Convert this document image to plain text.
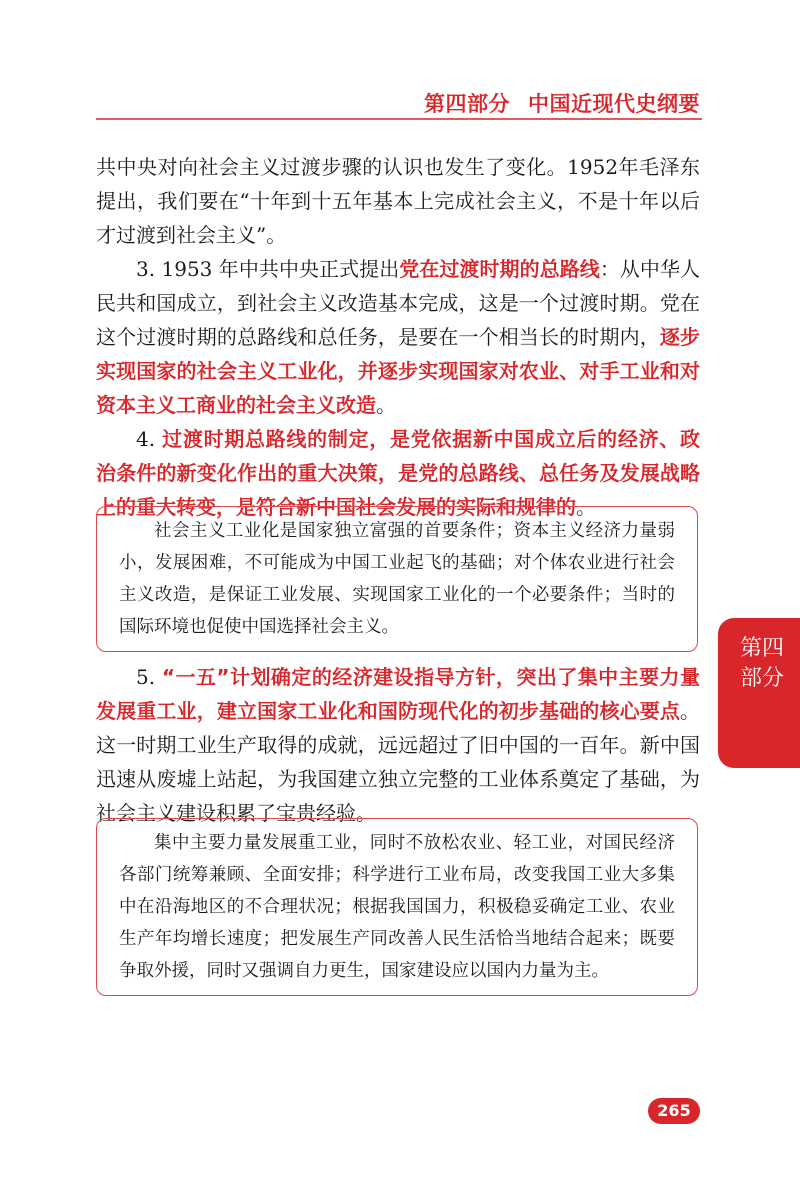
第四部分 中国近现代史纲要

共中央对向社会主义过渡步骤的认识也发生了变化。1952年毛泽东提出，我们要在“十年到十五年基本上完成社会主义，不是十年以后才过渡到社会主义”。

3. 1953 年中共中央正式提出党在过渡时期的总路线：从中华人民共和国成立，到社会主义改造基本完成，这是一个过渡时期。党在这个过渡时期的总路线和总任务，是要在一个相当长的时期内，逐步实现国家的社会主义工业化，并逐步实现国家对农业、对手工业和对资本主义工商业的社会主义改造。

4. 过渡时期总路线的制定，是党依据新中国成立后的经济、政治条件的新变化作出的重大决策，是党的总路线、总任务及发展战略上的重大转变，是符合新中国社会发展的实际和规律的。

社会主义工业化是国家独立富强的首要条件；资本主义经济力量弱小，发展困难，不可能成为中国工业起飞的基础；对个体农业进行社会主义改造，是保证工业发展、实现国家工业化的一个必要条件；当时的国际环境也促使中国选择社会主义。

5. “一五”计划确定的经济建设指导方针，突出了集中主要力量发展重工业，建立国家工业化和国防现代化的初步基础的核心要点。这一时期工业生产取得的成就，远远超过了旧中国的一百年。新中国迅速从废墟上站起，为我国建立独立完整的工业体系奠定了基础，为社会主义建设积累了宝贵经验。

集中主要力量发展重工业，同时不放松农业、轻工业，对国民经济各部门统筹兼顾、全面安排；科学进行工业布局，改变我国工业大多集中在沿海地区的不合理状况；根据我国国力，积极稳妥确定工业、农业生产年均增长速度；把发展生产同改善人民生活恰当地结合起来；既要争取外援，同时又强调自力更生，国家建设应以国内力量为主。
第四部分
265
